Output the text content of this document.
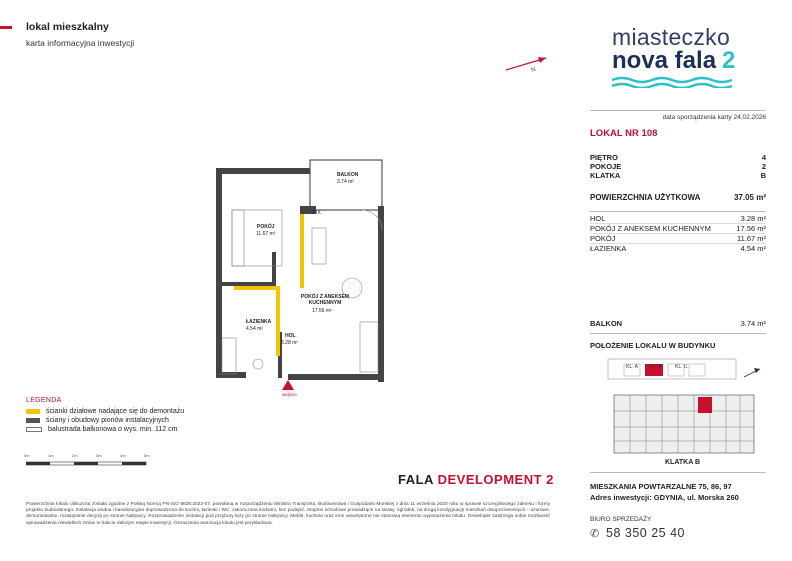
lokal mieszkalny
karta informacyjna inwestycji
N
miasteczko
nova fala 2
data sporządzenia karty 24.02.2026
LOKAL NR 108
PIĘTRO	4
POKOJE	2
KLATKA	B
POWIERZCHNIA UŻYTKOWA	37.05 m²
HOL	3.28 m²
POKÓJ Z ANEKSEM KUCHENNYM	17.56 m²
POKÓJ	11.67 m²
ŁAZIENKA	4.54 m²
BALKON	3.74 m²
POŁOŻENIE LOKALU W BUDYNKU
KL. A KL. B	KL. C
KLATKA B
MIESZKANIA POWTARZALNE 75, 86, 97
Adres inwestycji: GDYNIA, ul. Morska 260
BIURO SPRZEDAŻY
✆ 58 350 25 40
BALKON
3.74 m²
POKÓJ
11.67 m²
POKÓJ Z ANEKSEM KUCHENNYM
17.56 m²
ŁAZIENKA
4.54 m²
HOL
3.28 m²
FIX
wejście
LEGENDA
ścianki działowe nadające się do demontażu
ściany i obudowy pionów instalacyjnych
balustrada balkonowa o wys. min. 112 cm
0m	1m	2m	3m	4m	5m
FALA DEVELOPMENT 2
Powierzchnia lokalu obliczona została zgodnie z Polską Normą PN-ISO 9836:2022-07, powołaną w rozporządzeniu Ministra Transportu, Budownictwa i Gospodarki Morskiej z dnia 11 września 2020 roku w sprawie szczegółowego zakresu i formy projektu budowlanego. Instalacja wodna i kanalizacyjna doprowadzona do kuchni, łazienki i WC, zakończona korkami, bez podejść. Stopnie schodowe prowadzące na tarasy, ogródek, na drugą kondygnację mieszkań dwupoziomowych – ażurowe, demontowalne, rozwiązanie decyzji po stronie Nabywcy. Rozprowadzenie instalacji pod przybory leży po stronie Nabywcy. Meble, kuchnia oraz inne wewnętrzne nie stanowią elementu wyposażenia lokalu. Deweloper zastrzega sobie możliwość wprowadzenia niewielkich zmian w trakcie dalszym etapie inwestycji. Oznaczenia aranżacja lokalu jest przykładowa.
